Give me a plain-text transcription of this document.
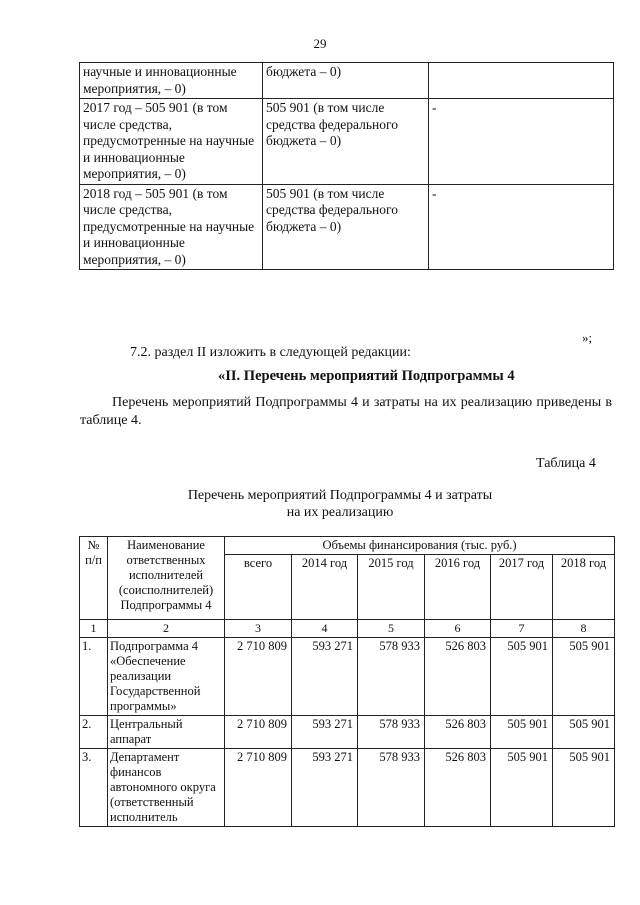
29
научные и инновационные мероприятия, – 0)	бюджета – 0)	
2017 год – 505 901 (в том числе средства, предусмотренные на научные и инновационные мероприятия, – 0)	505 901 (в том числе средства федерального бюджета – 0)	-
2018 год – 505 901 (в том числе средства, предусмотренные на научные и инновационные мероприятия, – 0)	505 901 (в том числе средства федерального бюджета – 0)	-
»;
7.2. раздел II изложить в следующей редакции:
«II. Перечень мероприятий Подпрограммы 4
Перечень мероприятий Подпрограммы 4 и затраты на их реализацию приведены в таблице 4.
Таблица 4
Перечень мероприятий Подпрограммы 4 и затраты
на их реализацию
№ п/п	Наименование ответственных исполнителей (соисполнителей) Подпрограммы 4	Объемы финансирования (тыс. руб.)					
		всего	2014 год	2015 год	2016 год	2017 год	2018 год
1	2	3	4	5	6	7	8
1.	Подпрограмма 4 «Обеспечение реализации Государственной программы»	2 710 809	593 271	578 933	526 803	505 901	505 901
2.	Центральный аппарат	2 710 809	593 271	578 933	526 803	505 901	505 901
3.	Департамент финансов автономного округа (ответственный исполнитель	2 710 809	593 271	578 933	526 803	505 901	505 901
